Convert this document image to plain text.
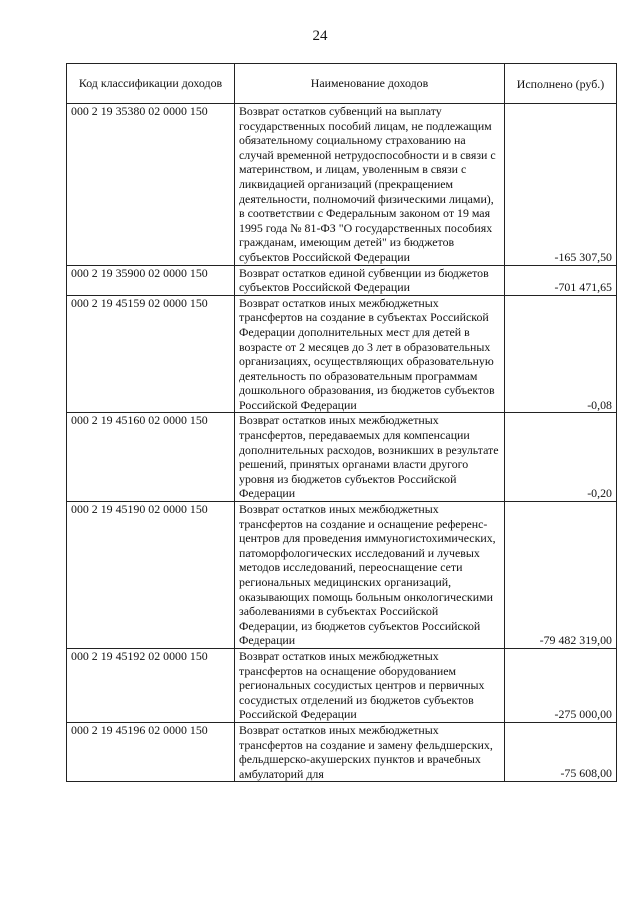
24
Код классификации доходов	Наименование доходов	Исполнено (руб.)
000 2 19 35380 02 0000 150	Возврат остатков субвенций на выплату государственных пособий лицам, не подлежащим обязательному социальному страхованию на случай временной нетрудоспособности и в связи с материнством, и лицам, уволенным в связи с ликвидацией организаций (прекращением деятельности, полномочий физическими лицами), в соответствии с Федеральным законом от 19 мая 1995 года № 81-ФЗ "О государственных пособиях гражданам, имеющим детей" из бюджетов субъектов Российской Федерации	-165 307,50
000 2 19 35900 02 0000 150	Возврат остатков единой субвенции из бюджетов субъектов Российской Федерации	-701 471,65
000 2 19 45159 02 0000 150	Возврат остатков иных межбюджетных трансфертов на создание в субъектах Российской Федерации дополнительных мест для детей в возрасте от 2 месяцев до 3 лет в образовательных организациях, осуществляющих образовательную деятельность по образовательным программам дошкольного образования, из бюджетов субъектов Российской Федерации	-0,08
000 2 19 45160 02 0000 150	Возврат остатков иных межбюджетных трансфертов, передаваемых для компенсации дополнительных расходов, возникших в результате решений, принятых органами власти другого уровня из бюджетов субъектов Российской Федерации	-0,20
000 2 19 45190 02 0000 150	Возврат остатков иных межбюджетных трансфертов на создание и оснащение референс-центров для проведения иммуногистохимических, патоморфологических исследований и лучевых методов исследований, переоснащение сети региональных медицинских организаций, оказывающих помощь больным онкологическими заболеваниями в субъектах Российской Федерации, из бюджетов субъектов Российской Федерации	-79 482 319,00
000 2 19 45192 02 0000 150	Возврат остатков иных межбюджетных трансфертов на оснащение оборудованием региональных сосудистых центров и первичных сосудистых отделений из бюджетов субъектов Российской Федерации	-275 000,00
000 2 19 45196 02 0000 150	Возврат остатков иных межбюджетных трансфертов на создание и замену фельдшерских, фельдшерско-акушерских пунктов и врачебных амбулаторий для	-75 608,00
